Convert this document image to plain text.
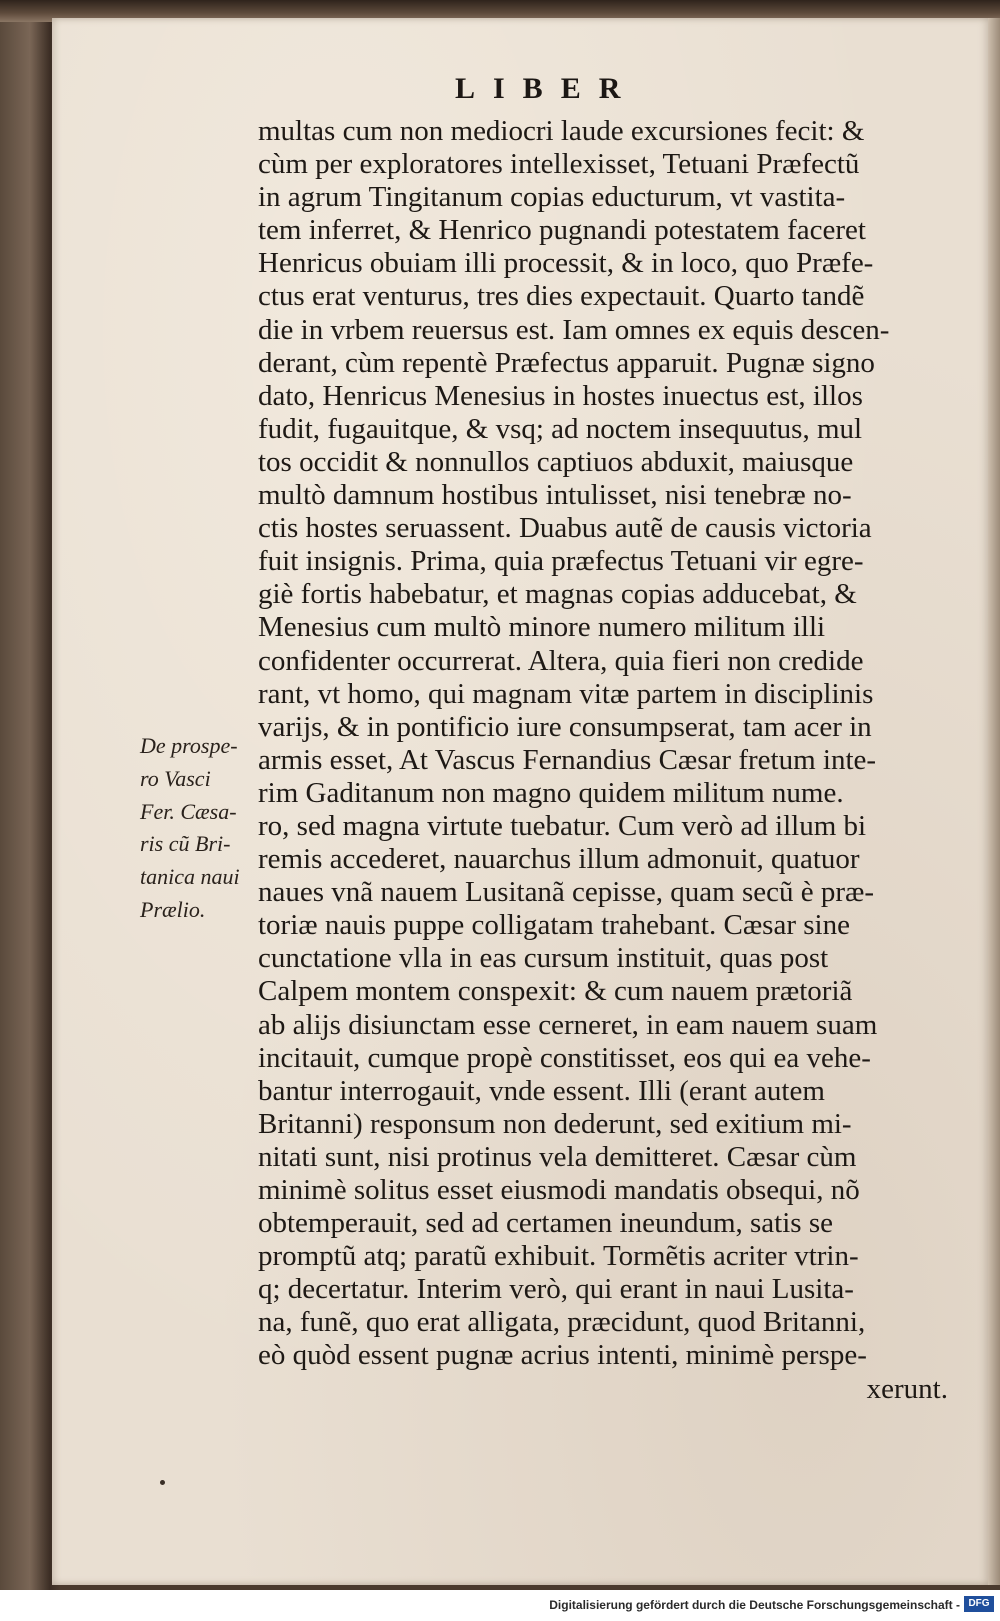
LIBER
multas cum non mediocri laude excursiones fecit: &
cùm per exploratores intellexisset, Tetuani Præfectũ
in agrum Tingitanum copias educturum, vt vastita-
tem inferret, & Henrico pugnandi potestatem faceret
Henricus obuiam illi processit, & in loco, quo Præfe-
ctus erat venturus, tres dies expectauit. Quarto tandẽ
die in vrbem reuersus est. Iam omnes ex equis descen-
derant, cùm repentè Præfectus apparuit. Pugnæ signo
dato, Henricus Menesius in hostes inuectus est, illos
fudit, fugauitque, & vsq; ad noctem insequutus, mul
tos occidit & nonnullos captiuos abduxit, maiusque
multò damnum hostibus intulisset, nisi tenebræ no-
ctis hostes seruassent. Duabus autẽ de causis victoria
fuit insignis. Prima, quia præfectus Tetuani vir egre-
giè fortis habebatur, et magnas copias adducebat, &
Menesius cum multò minore numero militum illi
confidenter occurrerat. Altera, quia fieri non credide
rant, vt homo, qui magnam vitæ partem in disciplinis
varijs, & in pontificio iure consumpserat, tam acer in
armis esset, At Vascus Fernandius Cæsar fretum inte-
rim Gaditanum non magno quidem militum nume.
ro, sed magna virtute tuebatur. Cum verò ad illum bi
remis accederet, nauarchus illum admonuit, quatuor
naues vnã nauem Lusitanã cepisse, quam secũ è præ-
toriæ nauis puppe colligatam trahebant. Cæsar sine
cunctatione vlla in eas cursum instituit, quas post
Calpem montem conspexit: & cum nauem prætoriã
ab alijs disiunctam esse cerneret, in eam nauem suam
incitauit, cumque propè constitisset, eos qui ea vehe-
bantur interrogauit, vnde essent. Illi (erant autem
Britanni) responsum non dederunt, sed exitium mi-
nitati sunt, nisi protinus vela demitteret. Cæsar cùm
minimè solitus esset eiusmodi mandatis obsequi, nõ
obtemperauit, sed ad certamen ineundum, satis se
promptũ atq; paratũ exhibuit. Tormẽtis acriter vtrin-
q; decertatur. Interim verò, qui erant in naui Lusita-
na, funẽ, quo erat alligata, præcidunt, quod Britanni,
eò quòd essent pugnæ acrius intenti, minimè perspe-
xerunt.
De prospe-
ro Vasci
Fer. Cæsa-
ris cũ Bri-
tanica naui
Prælio.
Digitalisierung gefördert durch die Deutsche Forschungsgemeinschaft - DFG
